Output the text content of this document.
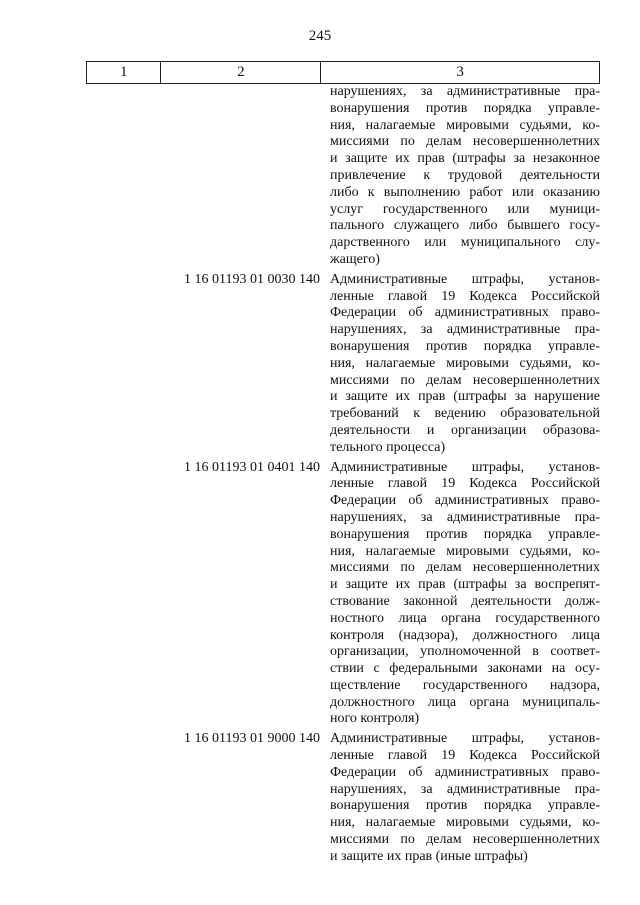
245
1	2	3
нарушениях, за административные пра-
вонарушения против порядка управле-
ния, налагаемые мировыми судьями, ко-
миссиями по делам несовершеннолетних
и защите их прав (штрафы за незаконное
привлечение к трудовой деятельности
либо к выполнению работ или оказанию
услуг государственного или муници-
пального служащего либо бывшего госу-
дарственного или муниципального слу-
жащего)
1 16 01193 01 0030 140 Административные штрафы, установ-
ленные главой 19 Кодекса Российской
Федерации об административных право-
нарушениях, за административные пра-
вонарушения против порядка управле-
ния, налагаемые мировыми судьями, ко-
миссиями по делам несовершеннолетних
и защите их прав (штрафы за нарушение
требований к ведению образовательной
деятельности и организации образова-
тельного процесса)
1 16 01193 01 0401 140 Административные штрафы, установ-
ленные главой 19 Кодекса Российской
Федерации об административных право-
нарушениях, за административные пра-
вонарушения против порядка управле-
ния, налагаемые мировыми судьями, ко-
миссиями по делам несовершеннолетних
и защите их прав (штрафы за воспрепят-
ствование законной деятельности долж-
ностного лица органа государственного
контроля (надзора), должностного лица
организации, уполномоченной в соответ-
ствии с федеральными законами на осу-
ществление государственного надзора,
должностного лица органа муниципаль-
ного контроля)
1 16 01193 01 9000 140 Административные штрафы, установ-
ленные главой 19 Кодекса Российской
Федерации об административных право-
нарушениях, за административные пра-
вонарушения против порядка управле-
ния, налагаемые мировыми судьями, ко-
миссиями по делам несовершеннолетних
и защите их прав (иные штрафы)
